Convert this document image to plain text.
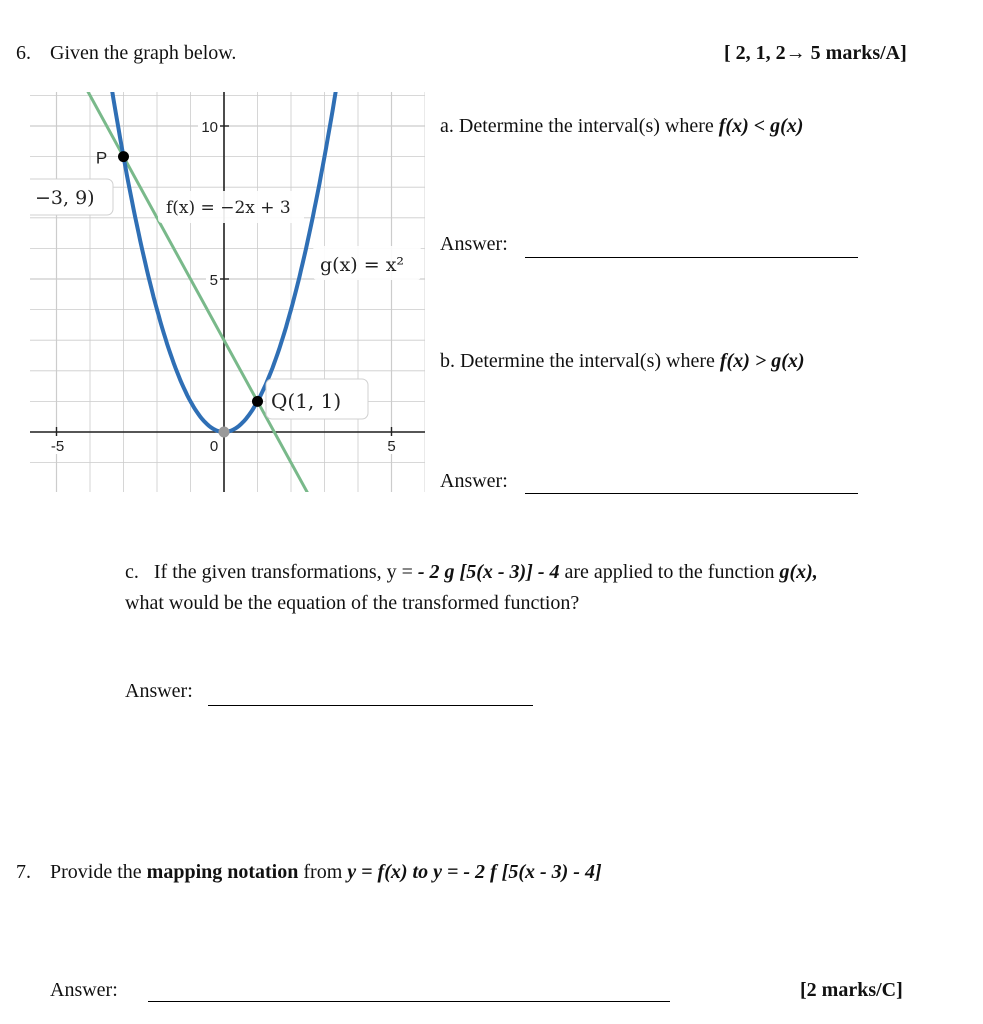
6. Given the graph below.	[ 2, 1, 2→ 5 marks/A]
10
5
-5	0	5
P
−3, 9)	f(x) = −2x + 3
g(x) = x²
Q(1, 1)
a. Determine the interval(s) where f(x) < g(x)
Answer:
b. Determine the interval(s) where f(x) > g(x)
Answer:
c. If the given transformations, y = - 2 g [5(x - 3)] - 4 are applied to the function g(x),
what would be the equation of the transformed function?
Answer:
7. Provide the mapping notation from y = f(x) to y = - 2 f [5(x - 3) - 4]
Answer:	[2 marks/C]
